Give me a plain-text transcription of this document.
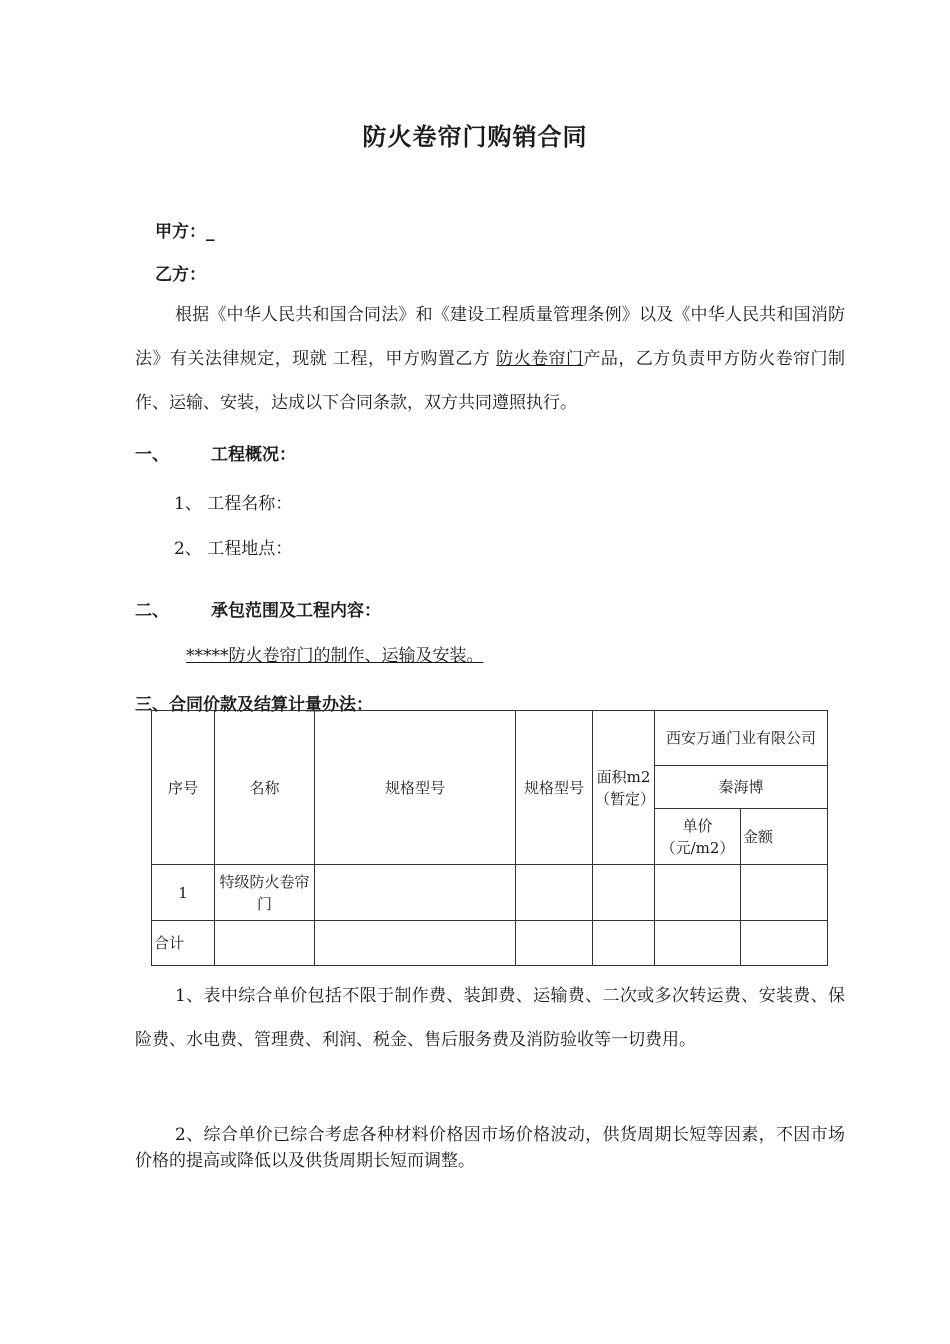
防火卷帘门购销合同
甲方：_
乙方：
根据《中华人民共和国合同法》和《建设工程质量管理条例》以及《中华人民共和国消防法》有关法律规定，现就 工程，甲方购置乙方 防火卷帘门产品，乙方负责甲方防火卷帘门制作、运输、安装，达成以下合同条款，双方共同遵照执行。
一、 工程概况：
1、 工程名称：
2、 工程地点：
二、 承包范围及工程内容：
*****防火卷帘门的制作、运输及安装。
三、合同价款及结算计量办法：
序号	名称	规格型号	规格型号	面积m2（暂定）	西安万通门业有限公司	
					秦海博	
					单价（元/m2）	金额
1	特级防火卷帘门					
合计						
1、表中综合单价包括不限于制作费、装卸费、运输费、二次或多次转运费、安装费、保险费、水电费、管理费、利润、税金、售后服务费及消防验收等一切费用。
2、综合单价已综合考虑各种材料价格因市场价格波动，供货周期长短等因素，不因市场价格的提高或降低以及供货周期长短而调整。
